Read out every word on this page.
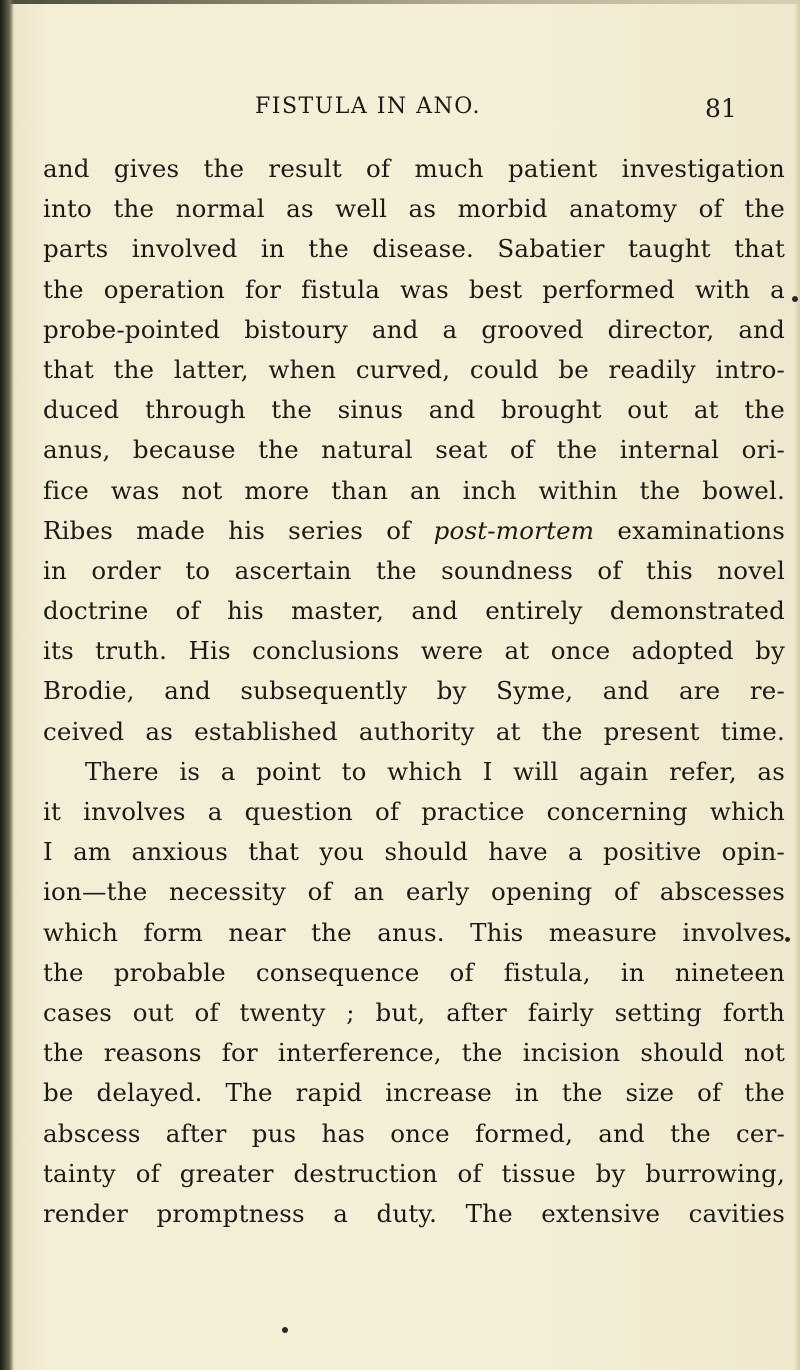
FISTULA IN ANO.	81
and gives the result of much patient investigation
into the normal as well as morbid anatomy of the
parts involved in the disease. Sabatier taught that
the operation for fistula was best performed with a
probe-pointed bistoury and a grooved director, and
that the latter, when curved, could be readily intro-
duced through the sinus and brought out at the
anus, because the natural seat of the internal ori-
fice was not more than an inch within the bowel.
Ribes made his series of post-mortem examinations
in order to ascertain the soundness of this novel
doctrine of his master, and entirely demonstrated
its truth. His conclusions were at once adopted by
Brodie, and subsequently by Syme, and are re-
ceived as established authority at the present time.
There is a point to which I will again refer, as
it involves a question of practice concerning which
I am anxious that you should have a positive opin-
ion—the necessity of an early opening of abscesses
which form near the anus. This measure involves
the probable consequence of fistula, in nineteen
cases out of twenty ; but, after fairly setting forth
the reasons for interference, the incision should not
be delayed. The rapid increase in the size of the
abscess after pus has once formed, and the cer-
tainty of greater destruction of tissue by burrowing,
render promptness a duty. The extensive cavities
